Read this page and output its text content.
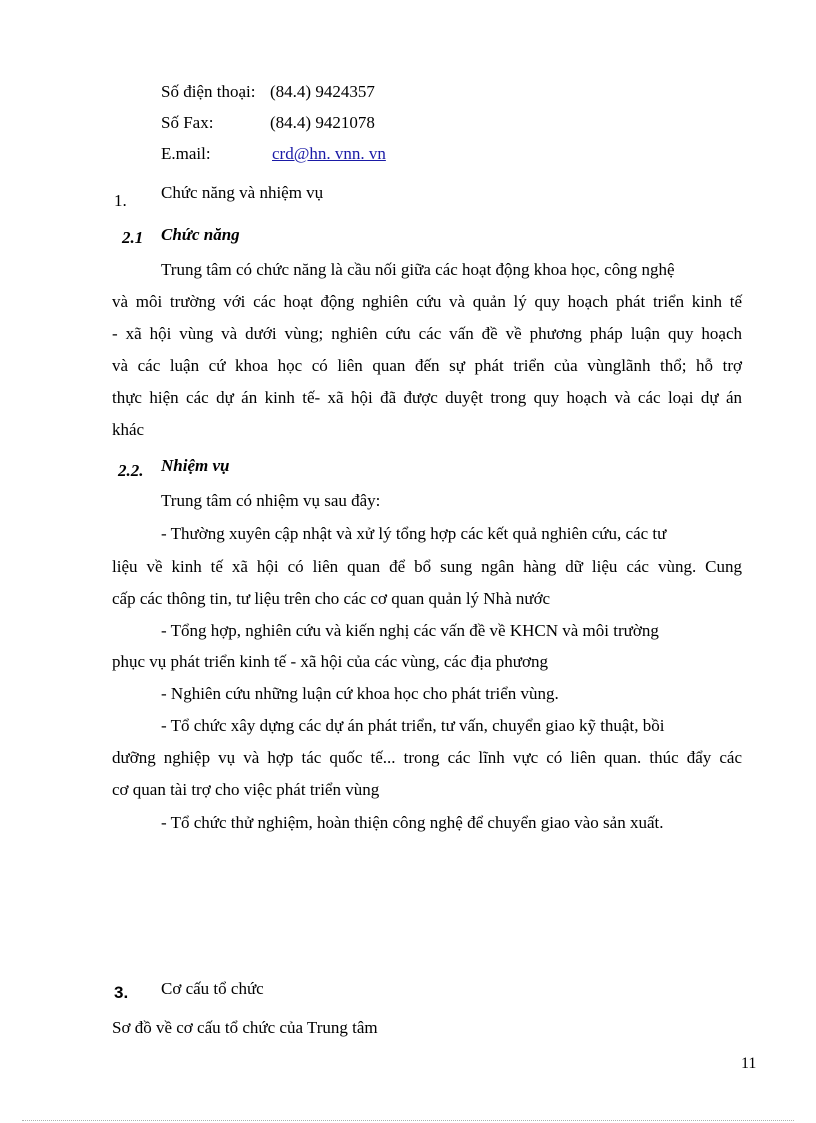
Số điện thoại: (84.4) 9424357
Số Fax:	(84.4) 9421078
E.mail:	crd@hn. vnn. vn
1. Chức năng và nhiệm vụ
2.1 Chức năng
Trung tâm có chức năng là cầu nối giữa các hoạt động khoa học, công nghệ
và môi trường với các hoạt động nghiên cứu và quản lý quy hoạch phát triển kinh tế
- xã hội vùng và dưới vùng; nghiên cứu các vấn đề về phương pháp luận quy hoạch
và các luận cứ khoa học có liên quan đến sự phát triển của vùnglãnh thổ; hỗ trợ
thực hiện các dự án kinh tế- xã hội đã được duyệt trong quy hoạch và các loại dự án
khác
2.2. Nhiệm vụ
Trung tâm có nhiệm vụ sau đây:
- Thường xuyên cập nhật và xử lý tổng hợp các kết quả nghiên cứu, các tư
liệu về kinh tế xã hội có liên quan để bổ sung ngân hàng dữ liệu các vùng. Cung
cấp các thông tin, tư liệu trên cho các cơ quan quản lý Nhà nước
- Tổng hợp, nghiên cứu và kiến nghị các vấn đề về KHCN và môi trường
phục vụ phát triển kinh tế - xã hội của các vùng, các địa phương
- Nghiên cứu những luận cứ khoa học cho phát triển vùng.
- Tổ chức xây dựng các dự án phát triển, tư vấn, chuyển giao kỹ thuật, bồi
dưỡng nghiệp vụ và hợp tác quốc tế... trong các lĩnh vực có liên quan. thúc đẩy các
cơ quan tài trợ cho việc phát triển vùng
- Tổ chức thử nghiệm, hoàn thiện công nghệ để chuyển giao vào sản xuất.
3. Cơ cấu tổ chức
Sơ đồ về cơ cấu tổ chức của Trung tâm
11
